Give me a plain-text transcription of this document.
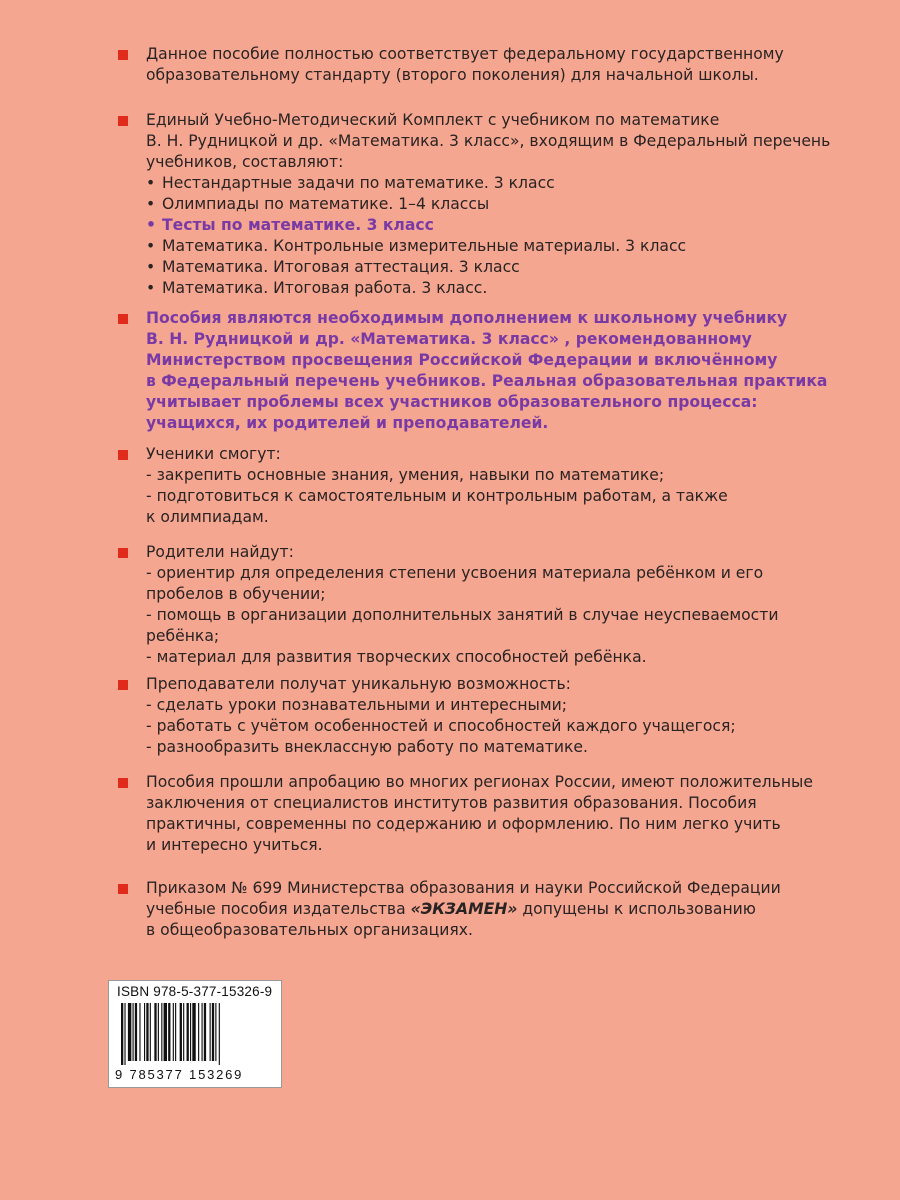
Данное пособие полностью соответствует федеральному государственному

образовательному стандарту (второго поколения) для начальной школы.

Единый Учебно-Методический Комплект с учебником по математике

В. Н. Рудницкой и др. «Математика. 3 класс», входящим в Федеральный перечень

учебников, составляют:

• Нестандартные задачи по математике. 3 класс

• Олимпиады по математике. 1–4 классы

• Тесты по математике. 3 класс

• Математика. Контрольные измерительные материалы. 3 класс

• Математика. Итоговая аттестация. 3 класс

• Математика. Итоговая работа. 3 класс.

Пособия являются необходимым дополнением к школьному учебнику

В. Н. Рудницкой и др. «Математика. 3 класс» , рекомендованному

Министерством просвещения Российской Федерации и включённому

в Федеральный перечень учебников. Реальная образовательная практика

учитывает проблемы всех участников образовательного процесса:

учащихся, их родителей и преподавателей.

Ученики смогут:

- закрепить основные знания, умения, навыки по математике;

- подготовиться к самостоятельным и контрольным работам, а также

к олимпиадам.

Родители найдут:

- ориентир для определения степени усвоения материала ребёнком и его

пробелов в обучении;

- помощь в организации дополнительных занятий в случае неуспеваемости

ребёнка;

- материал для развития творческих способностей ребёнка.

Преподаватели получат уникальную возможность:

- сделать уроки познавательными и интересными;

- работать с учётом особенностей и способностей каждого учащегося;

- разнообразить внеклассную работу по математике.

Пособия прошли апробацию во многих регионах России, имеют положительные

заключения от специалистов институтов развития образования. Пособия

практичны, современны по содержанию и оформлению. По ним легко учить

и интересно учиться.

Приказом № 699 Министерства образования и науки Российской Федерации

учебные пособия издательства «ЭКЗАМЕН» допущены к использованию

в общеобразовательных организациях.

ISBN 978-5-377-15326-9
9 785377 153269
